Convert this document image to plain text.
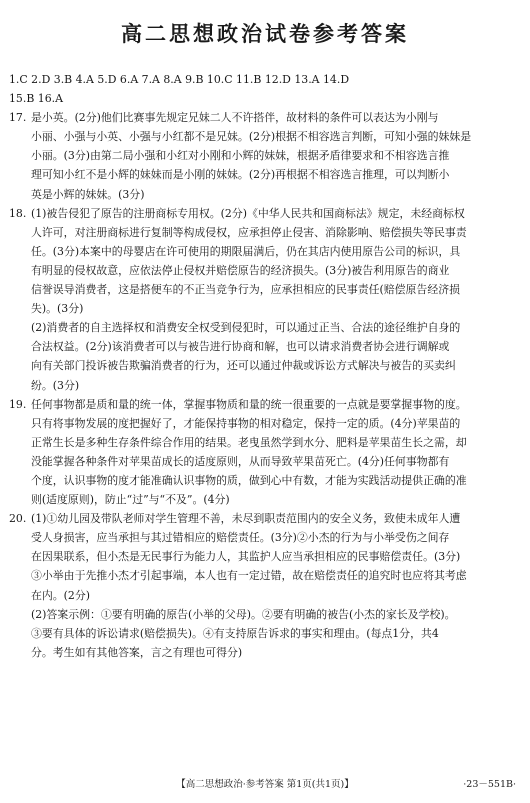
高二思想政治试卷参考答案
1.C 2.D 3.B 4.A 5.D 6.A 7.A 8.A 9.B 10.C 11.B 12.D 13.A 14.D
15.B 16.A
17. 是小英。(2分)他们比赛事先规定兄妹二人不许搭伴，故材料的条件可以表达为小刚与
小丽、小强与小英、小强与小红都不是兄妹。(2分)根据不相容选言判断，可知小强的妹妹是
小丽。(3分)由第二局小强和小红对小刚和小辉的妹妹，根据矛盾律要求和不相容选言推
理可知小红不是小辉的妹妹而是小刚的妹妹。(2分)再根据不相容选言推理，可以判断小
英是小辉的妹妹。(3分)
18. (1)被告侵犯了原告的注册商标专用权。(2分)《中华人民共和国商标法》规定，未经商标权
人许可，对注册商标进行复制等构成侵权，应承担停止侵害、消除影响、赔偿损失等民事责
任。(3分)本案中的母婴店在许可使用的期限届满后，仍在其店内使用原告公司的标识，具
有明显的侵权故意，应依法停止侵权并赔偿原告的经济损失。(3分)被告利用原告的商业
信誉误导消费者，这是搭便车的不正当竞争行为，应承担相应的民事责任(赔偿原告经济损
失)。(3分)
(2)消费者的自主选择权和消费安全权受到侵犯时，可以通过正当、合法的途径维护自身的
合法权益。(2分)该消费者可以与被告进行协商和解，也可以请求消费者协会进行调解或
向有关部门投诉被告欺骗消费者的行为，还可以通过仲裁或诉讼方式解决与被告的买卖纠
纷。(3分)
19. 任何事物都是质和量的统一体，掌握事物质和量的统一很重要的一点就是要掌握事物的度。
只有将事物发展的度把握好了，才能保持事物的相对稳定，保持一定的质。(4分)苹果苗的
正常生长是多种生存条件综合作用的结果。老曳虽然学到水分、肥料是苹果苗生长之需，却
没能掌握各种条件对苹果苗成长的适度原则，从而导致苹果苗死亡。(4分)任何事物都有
个度，认识事物的度才能准确认识事物的质，做到心中有数，才能为实践活动提供正确的准
则(适度原则)，防止“过”与“不及”。(4分)
20. (1)①幼儿园及带队老师对学生管理不善，未尽到职责范围内的安全义务，致使未成年人遭
受人身损害，应当承担与其过错相应的赔偿责任。(3分)②小杰的行为与小举受伤之间存
在因果联系，但小杰是无民事行为能力人，其监护人应当承担相应的民事赔偿责任。(3分)
③小举由于先推小杰才引起事端，本人也有一定过错，故在赔偿责任的追究时也应将其考虑
在内。(2分)
(2)答案示例：①要有明确的原告(小举的父母)。②要有明确的被告(小杰的家长及学校)。
③要有具体的诉讼请求(赔偿损失)。④有支持原告诉求的事实和理由。(每点1分，共4
分。考生如有其他答案，言之有理也可得分)
【高二思想政治·参考答案 第1页(共1页)】	·23－551B·
